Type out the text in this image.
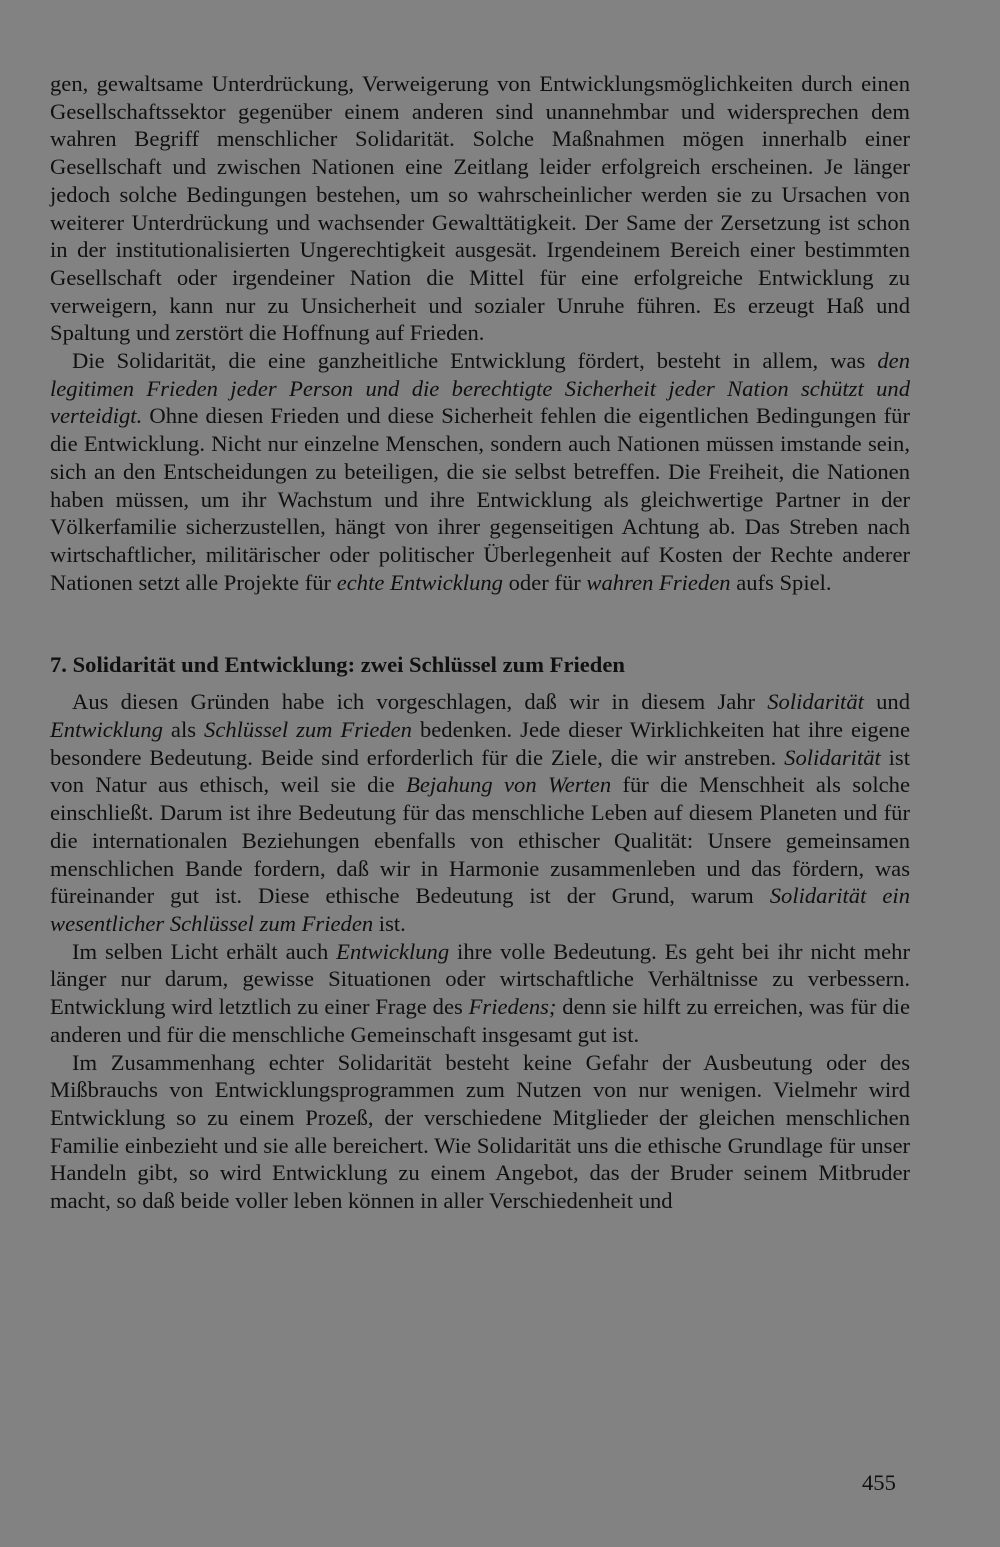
gen, gewaltsame Unterdrückung, Verweigerung von Entwicklungsmöglichkeiten durch einen Gesellschaftssektor gegenüber einem anderen sind unannehmbar und widersprechen dem wahren Begriff menschlicher Solidarität. Solche Maßnahmen mögen innerhalb einer Gesellschaft und zwischen Nationen eine Zeitlang leider erfolgreich erscheinen. Je länger jedoch solche Bedingungen bestehen, um so wahrscheinlicher werden sie zu Ursachen von weiterer Unterdrückung und wachsender Gewalttätigkeit. Der Same der Zersetzung ist schon in der institutionalisierten Ungerechtigkeit ausgesät. Irgendeinem Bereich einer bestimmten Gesellschaft oder irgendeiner Nation die Mittel für eine erfolgreiche Entwicklung zu verweigern, kann nur zu Unsicherheit und sozialer Unruhe führen. Es erzeugt Haß und Spaltung und zerstört die Hoffnung auf Frieden.

Die Solidarität, die eine ganzheitliche Entwicklung fördert, besteht in allem, was den legitimen Frieden jeder Person und die berechtigte Sicherheit jeder Nation schützt und verteidigt. Ohne diesen Frieden und diese Sicherheit fehlen die eigentlichen Bedingungen für die Entwicklung. Nicht nur einzelne Menschen, sondern auch Nationen müssen imstande sein, sich an den Entscheidungen zu beteiligen, die sie selbst betreffen. Die Freiheit, die Nationen haben müssen, um ihr Wachstum und ihre Entwicklung als gleichwertige Partner in der Völkerfamilie sicherzustellen, hängt von ihrer gegenseitigen Achtung ab. Das Streben nach wirtschaftlicher, militärischer oder politischer Überlegenheit auf Kosten der Rechte anderer Nationen setzt alle Projekte für echte Entwicklung oder für wahren Frieden aufs Spiel.

7. Solidarität und Entwicklung: zwei Schlüssel zum Frieden

Aus diesen Gründen habe ich vorgeschlagen, daß wir in diesem Jahr Solidarität und Entwicklung als Schlüssel zum Frieden bedenken. Jede dieser Wirklichkeiten hat ihre eigene besondere Bedeutung. Beide sind erforderlich für die Ziele, die wir anstreben. Solidarität ist von Natur aus ethisch, weil sie die Bejahung von Werten für die Menschheit als solche einschließt. Darum ist ihre Bedeutung für das menschliche Leben auf diesem Planeten und für die internationalen Beziehungen ebenfalls von ethischer Qualität: Unsere gemeinsamen menschlichen Bande fordern, daß wir in Harmonie zusammenleben und das fördern, was füreinander gut ist. Diese ethische Bedeutung ist der Grund, warum Solidarität ein wesentlicher Schlüssel zum Frieden ist.

Im selben Licht erhält auch Entwicklung ihre volle Bedeutung. Es geht bei ihr nicht mehr länger nur darum, gewisse Situationen oder wirtschaftliche Verhältnisse zu verbessern. Entwicklung wird letztlich zu einer Frage des Friedens; denn sie hilft zu erreichen, was für die anderen und für die menschliche Gemeinschaft insgesamt gut ist.

Im Zusammenhang echter Solidarität besteht keine Gefahr der Ausbeutung oder des Mißbrauchs von Entwicklungsprogrammen zum Nutzen von nur wenigen. Vielmehr wird Entwicklung so zu einem Prozeß, der verschiedene Mitglieder der gleichen menschlichen Familie einbezieht und sie alle bereichert. Wie Solidarität uns die ethische Grundlage für unser Handeln gibt, so wird Entwicklung zu einem Angebot, das der Bruder seinem Mitbruder macht, so daß beide voller leben können in aller Verschiedenheit und

455
